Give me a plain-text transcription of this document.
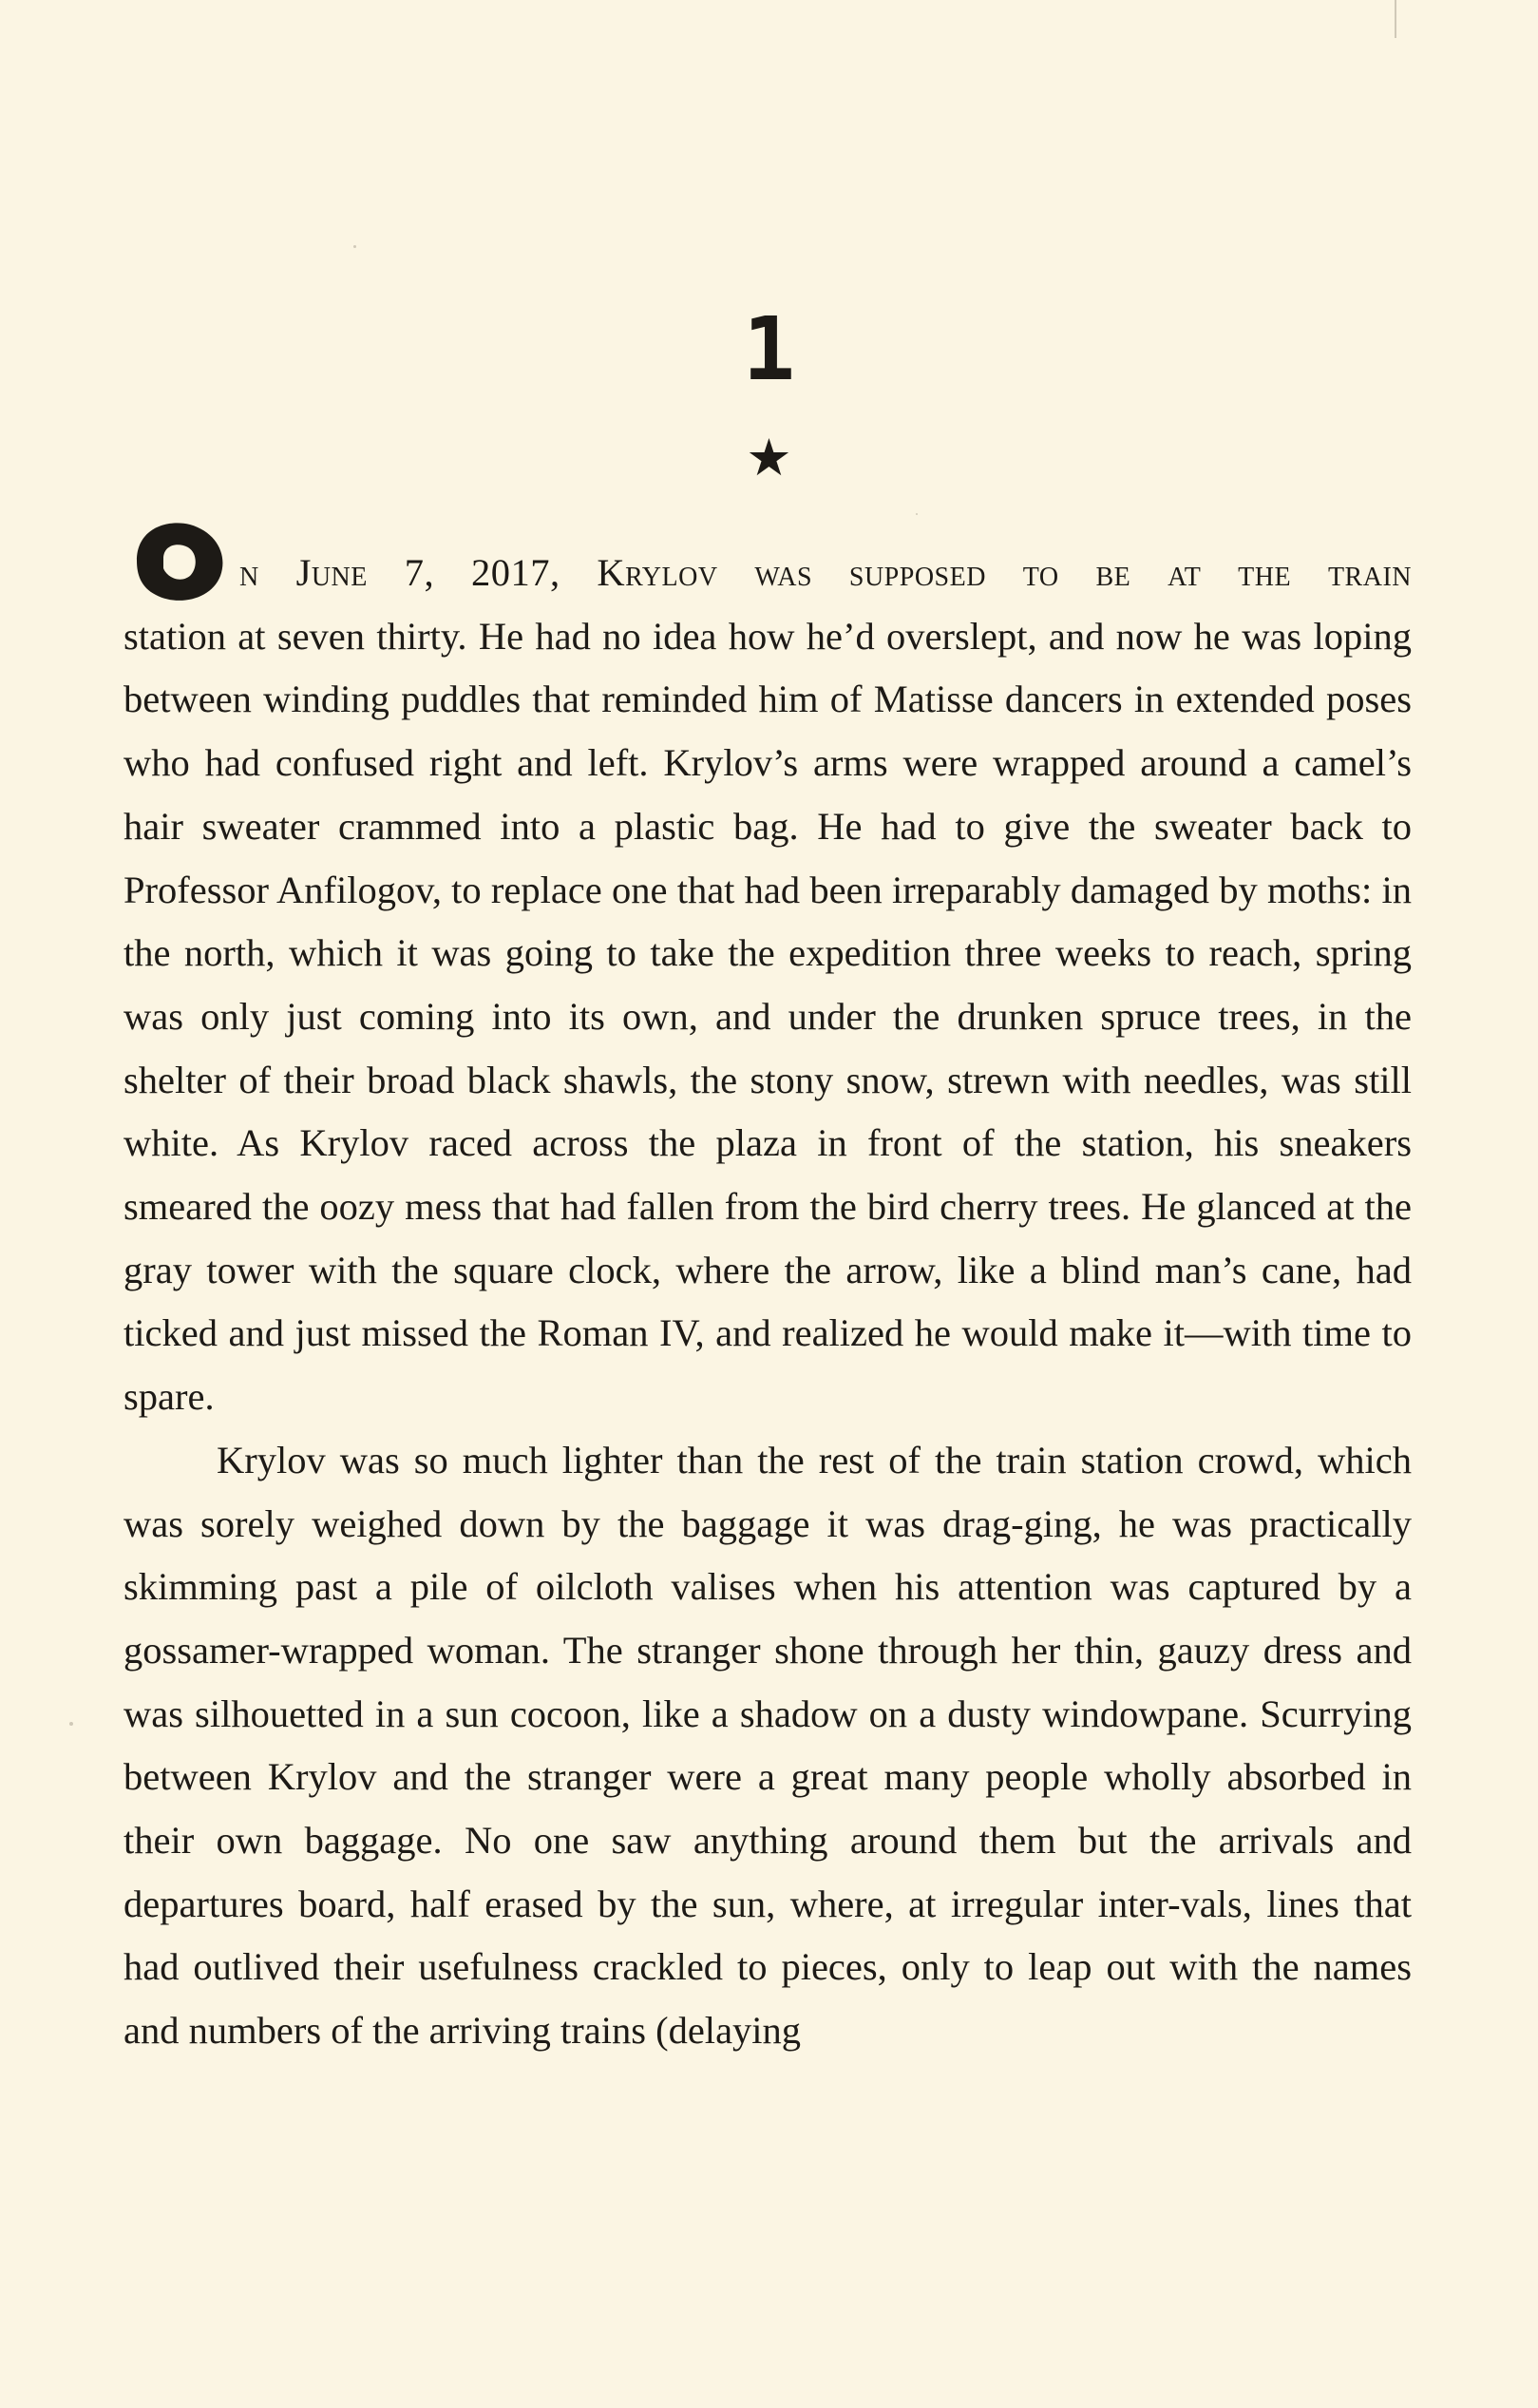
1
★
n June 7, 2017, Krylov was supposed to be at the train

station at seven thirty. He had no idea how he’d overslept, and now he was loping between winding puddles that reminded him of Matisse dancers in extended poses who had confused right and left. Krylov’s arms were wrapped around a camel’s hair sweater crammed into a plastic bag. He had to give the sweater back to Professor Anfilogov, to replace one that had been irreparably damaged by moths: in the north, which it was going to take the expedition three weeks to reach, spring was only just coming into its own, and under the drunken spruce trees, in the shelter of their broad black shawls, the stony snow, strewn with needles, was still white. As Krylov raced across the plaza in front of the station, his sneakers smeared the oozy mess that had fallen from the bird cherry trees. He glanced at the gray tower with the square clock, where the arrow, like a blind man’s cane, had ticked and just missed the Roman IV, and realized he would make it—with time to spare.

Krylov was so much lighter than the rest of the train station crowd, which was sorely weighed down by the baggage it was drag-ging, he was practically skimming past a pile of oilcloth valises when his attention was captured by a gossamer-wrapped woman. The stranger shone through her thin, gauzy dress and was silhouetted in a sun cocoon, like a shadow on a dusty windowpane. Scurrying between Krylov and the stranger were a great many people wholly absorbed in their own baggage. No one saw anything around them but the arrivals and departures board, half erased by the sun, where, at irregular inter-vals, lines that had outlived their usefulness crackled to pieces, only to leap out with the names and numbers of the arriving trains (delaying
